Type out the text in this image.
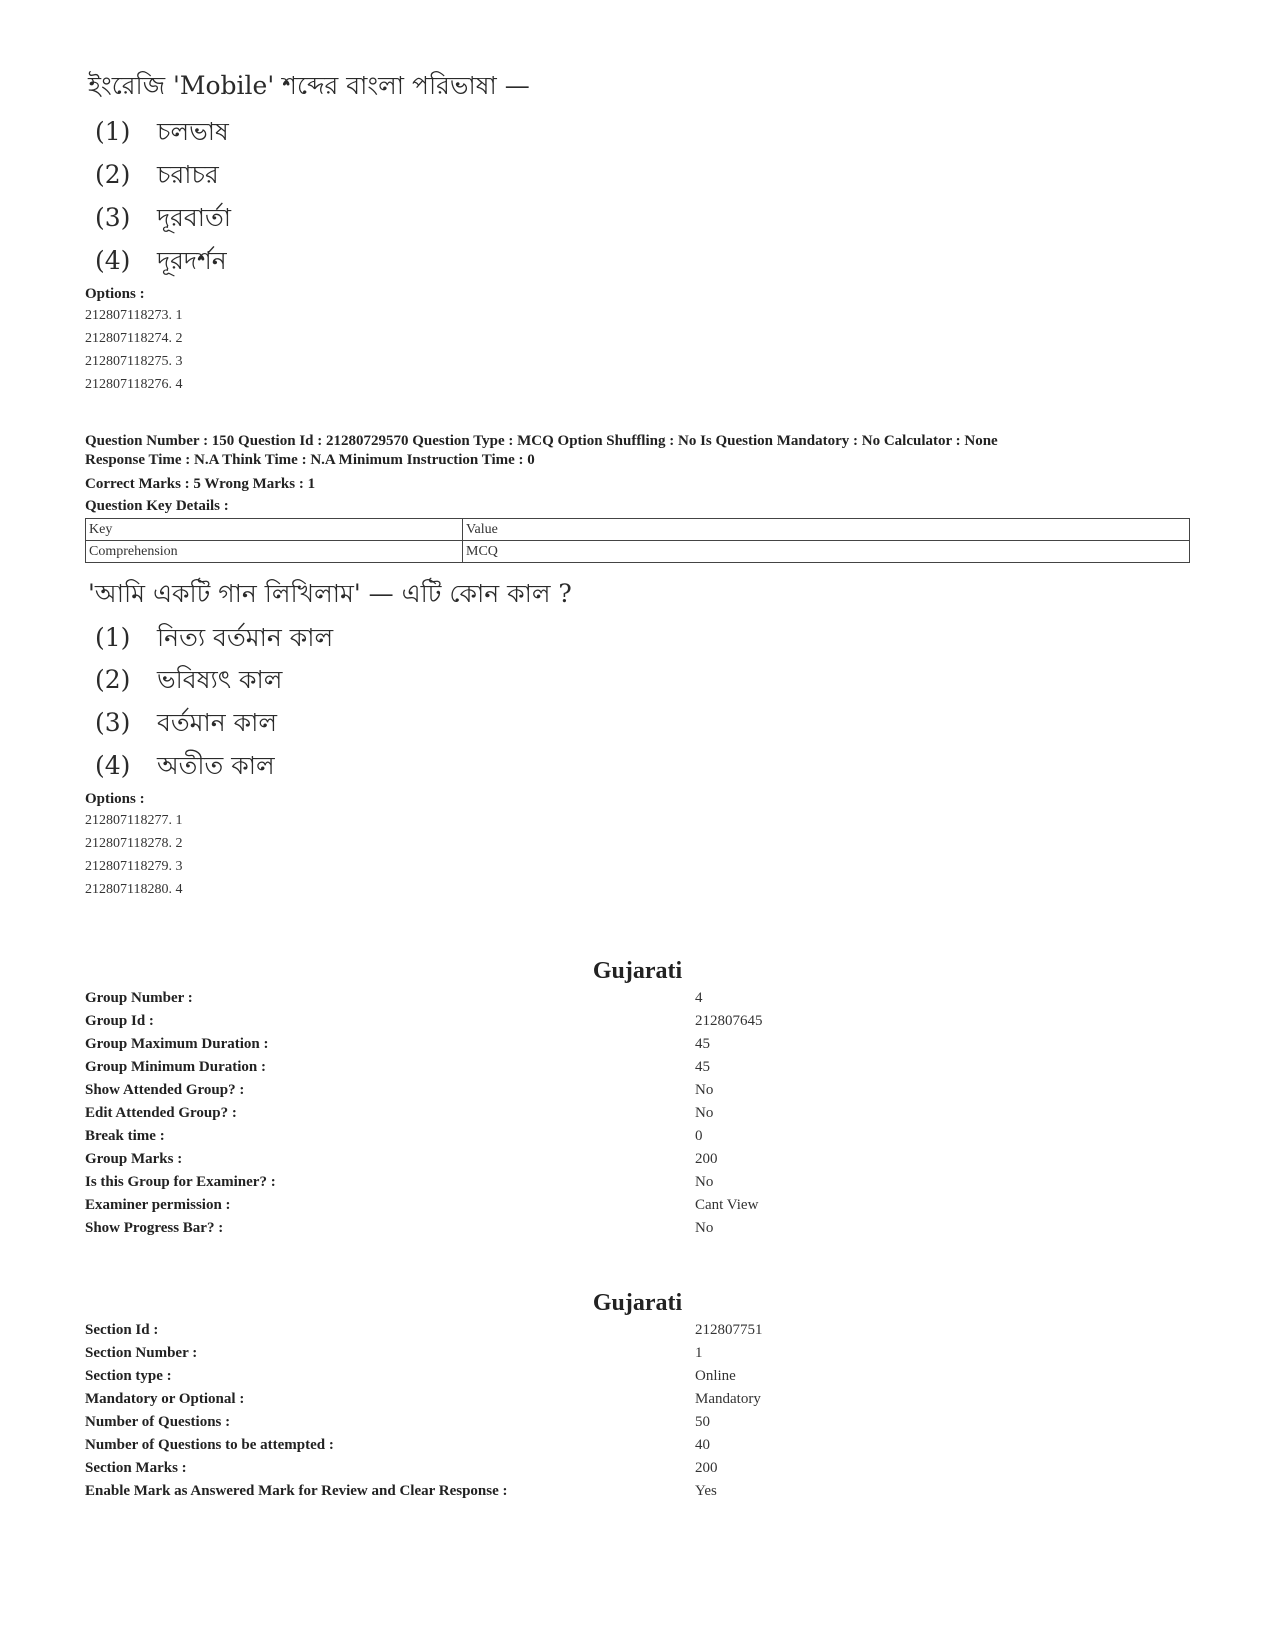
ইংরেজি 'Mobile' শব্দের বাংলা পরিভাষা —
(1) চলভাষ
(2) চরাচর
(3) দূরবার্তা
(4) দূরদর্শন
Options :
212807118273. 1
212807118274. 2
212807118275. 3
212807118276. 4
Question Number : 150 Question Id : 21280729570 Question Type : MCQ Option Shuffling : No Is Question Mandatory : No Calculator : None
Response Time : N.A Think Time : N.A Minimum Instruction Time : 0
Correct Marks : 5 Wrong Marks : 1
Question Key Details :
Key	Value
Comprehension	MCQ
'আমি একটি গান লিখিলাম' — এটি কোন কাল ?
(1) নিত্য বর্তমান কাল
(2) ভবিষ্যৎ কাল
(3) বর্তমান কাল
(4) অতীত কাল
Options :
212807118277. 1
212807118278. 2
212807118279. 3
212807118280. 4
Gujarati
Group Number :	4
Group Id :	212807645
Group Maximum Duration :	45
Group Minimum Duration :	45
Show Attended Group? :	No
Edit Attended Group? :	No
Break time :	0
Group Marks :	200
Is this Group for Examiner? :	No
Examiner permission :	Cant View
Show Progress Bar? :	No
Gujarati
Section Id :	212807751
Section Number :	1
Section type :	Online
Mandatory or Optional :	Mandatory
Number of Questions :	50
Number of Questions to be attempted :	40
Section Marks :	200
Enable Mark as Answered Mark for Review and Clear Response :	Yes
